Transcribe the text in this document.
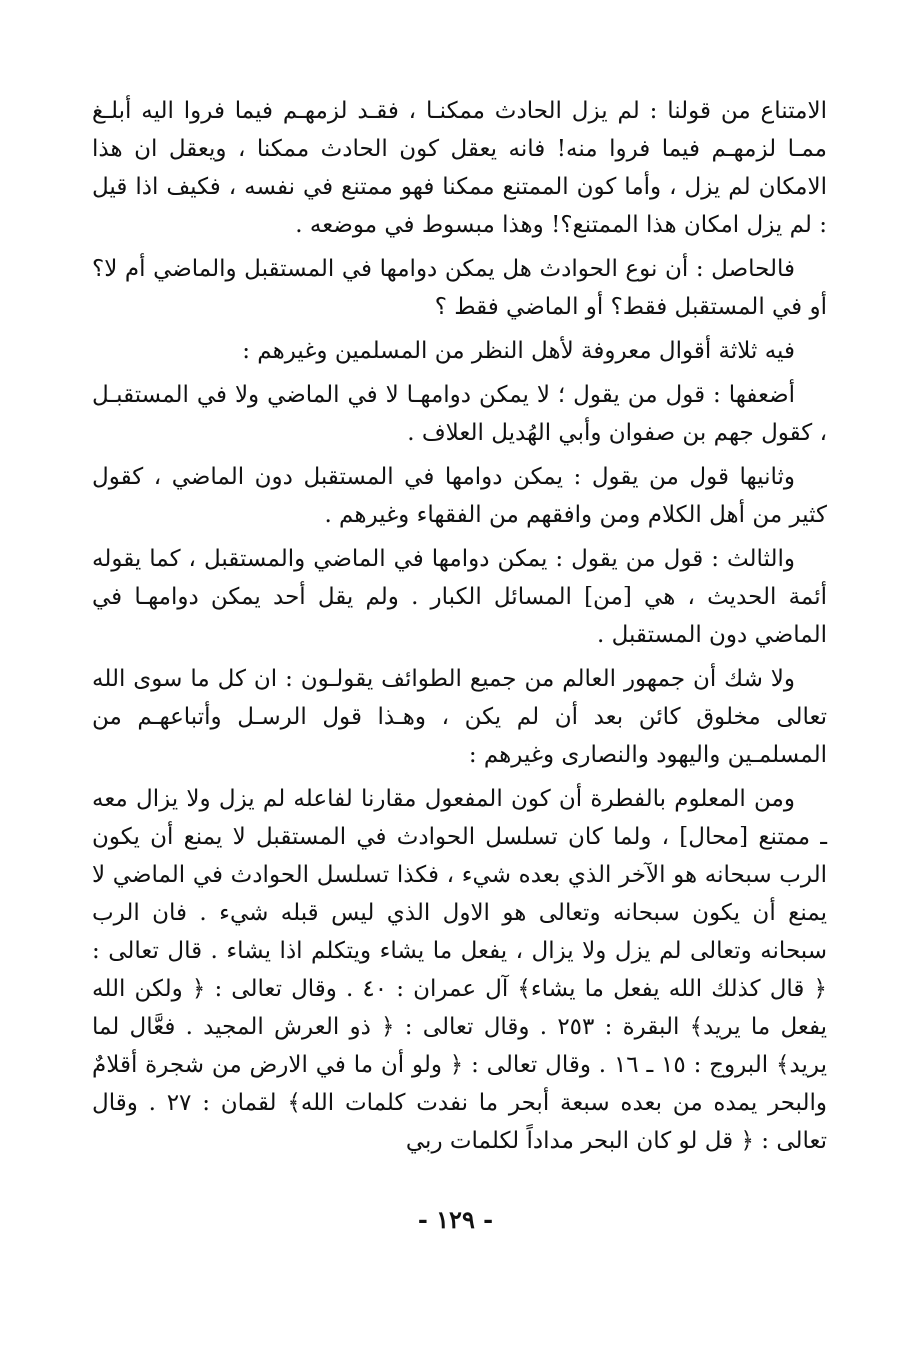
الامتناع من قولنا : لم يزل الحادث ممكنـا ، فقـد لزمهـم فيما فروا اليه أبلـغ ممـا لزمهـم فيما فروا منه! فانه يعقل كون الحادث ممكنا ، ويعقل ان هذا الامكان لم يزل ، وأما كون الممتنع ممكنا فهو ممتنع في نفسه ، فكيف اذا قيل : لم يزل امكان هذا الممتنع؟! وهذا مبسوط في موضعه .

فالحاصل : أن نوع الحوادث هل يمكن دوامها في المستقبل والماضي أم لا؟ أو في المستقبل فقط؟ أو الماضي فقط ؟

فيه ثلاثة أقوال معروفة لأهل النظر من المسلمين وغيرهم :

أضعفها : قول من يقول ؛ لا يمكن دوامهـا لا في الماضي ولا في المستقبـل ، كقول جهم بن صفوان وأبي الهُديل العلاف .

وثانيها قول من يقول : يمكن دوامها في المستقبل دون الماضي ، كقول كثير من أهل الكلام ومن وافقهم من الفقهاء وغيرهم .

والثالث : قول من يقول : يمكن دوامها في الماضي والمستقبل ، كما يقوله أئمة الحديث ، هي [من] المسائل الكبار . ولم يقل أحد يمكن دوامهـا في الماضي دون المستقبل .

ولا شك أن جمهور العالم من جميع الطوائف يقولـون : ان كل ما سوى الله تعالى مخلوق كائن بعد أن لم يكن ، وهـذا قول الرسـل وأتباعهـم من المسلمـين واليهود والنصارى وغيرهم :

ومن المعلوم بالفطرة أن كون المفعول مقارنا لفاعله لم يزل ولا يزال معه ـ ممتنع [محال] ، ولما كان تسلسل الحوادث في المستقبل لا يمنع أن يكون الرب سبحانه هو الآخر الذي بعده شيء ، فكذا تسلسل الحوادث في الماضي لا يمنع أن يكون سبحانه وتعالى هو الاول الذي ليس قبله شيء . فان الرب سبحانه وتعالى لم يزل ولا يزال ، يفعل ما يشاء ويتكلم اذا يشاء . قال تعالى : ﴿ قال كذلك الله يفعل ما يشاء﴾ آل عمران : ٤٠ . وقال تعالى : ﴿ ولكن الله يفعل ما يريد﴾ البقرة : ٢٥٣ . وقال تعالى : ﴿ ذو العرش المجيد . فعَّال لما يريد﴾ البروج : ١٥ ـ ١٦ . وقال تعالى : ﴿ ولو أن ما في الارض من شجرة أقلامٌ والبحر يمده من بعده سبعة أبحر ما نفدت كلمات الله﴾ لقمان : ٢٧ . وقال تعالى : ﴿ قل لو كان البحر مداداً لكلمات ربي

- ١٢٩ -
